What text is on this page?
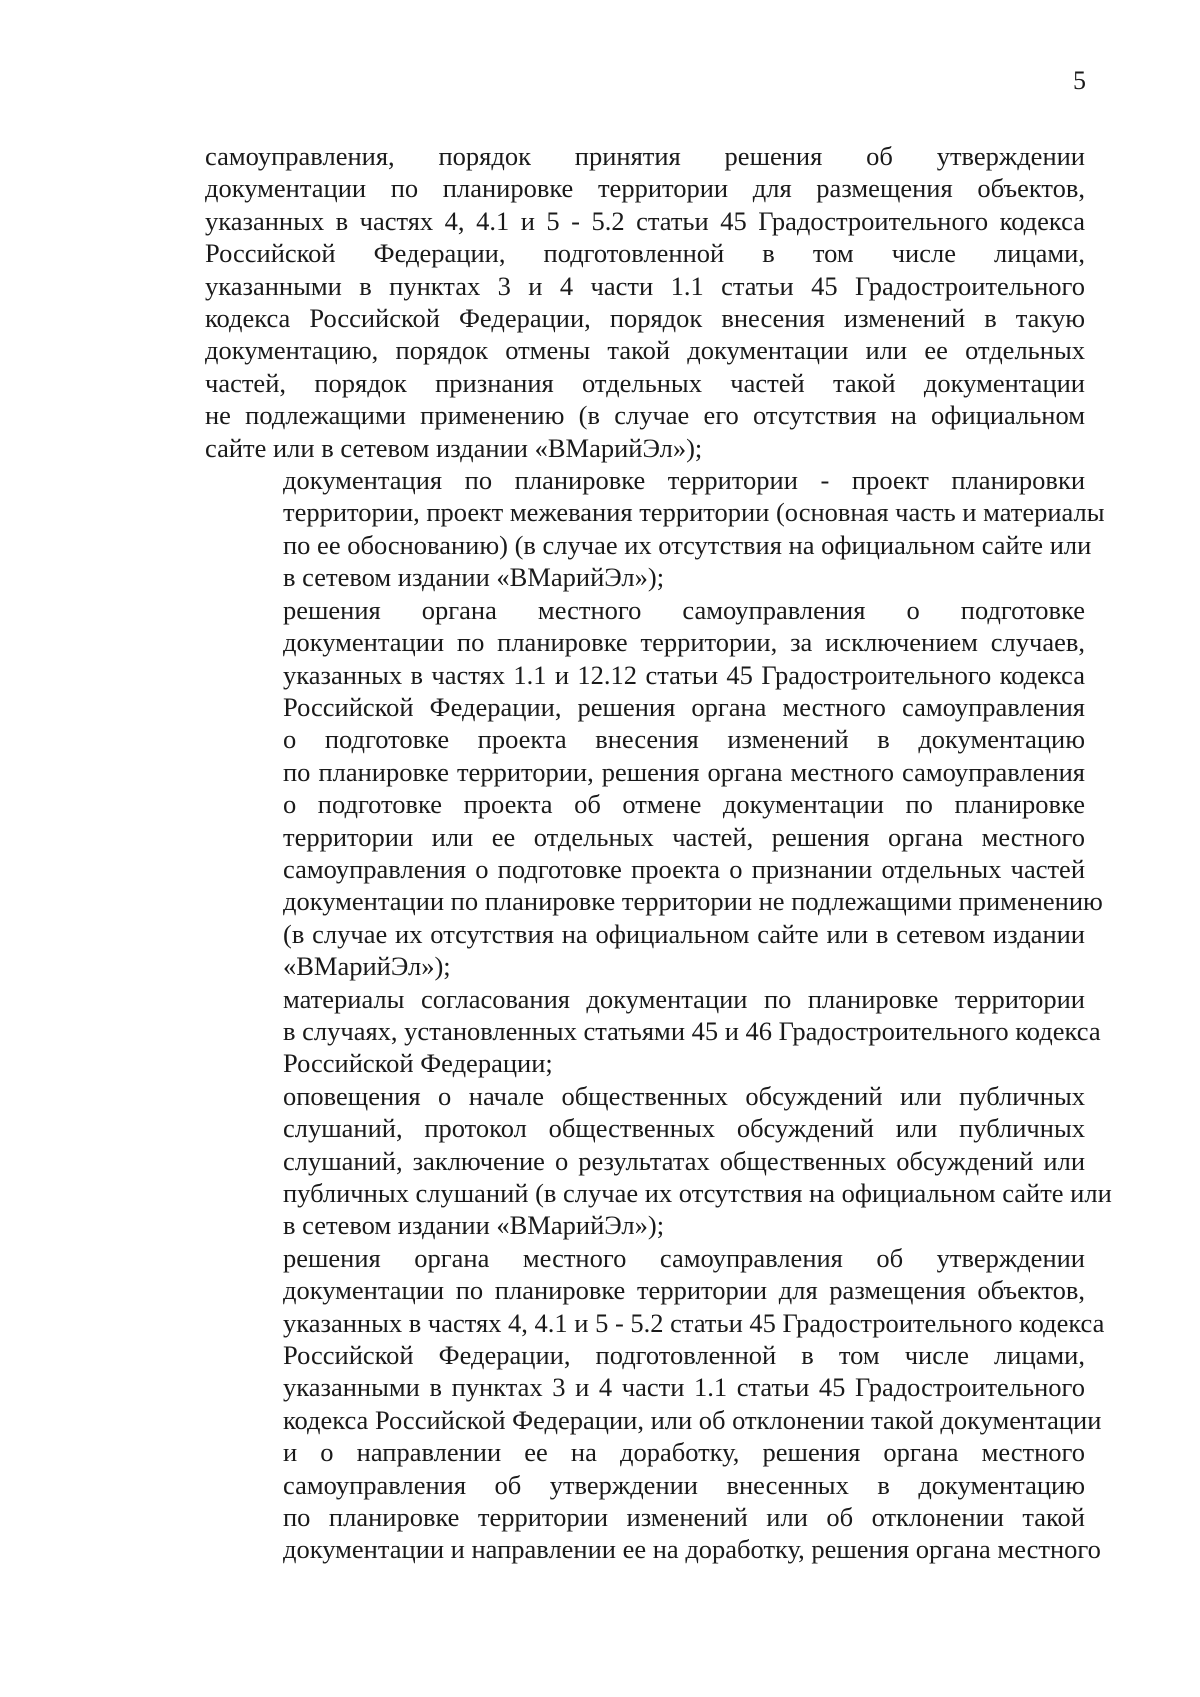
5

самоуправления, порядок принятия решения об утверждении
документации по планировке территории для размещения объектов,
указанных в частях 4, 4.1 и 5 - 5.2 статьи 45 Градостроительного кодекса
Российской Федерации, подготовленной в том числе лицами,
указанными в пунктах 3 и 4 части 1.1 статьи 45 Градостроительного
кодекса Российской Федерации, порядок внесения изменений в такую
документацию, порядок отмены такой документации или ее отдельных
частей, порядок признания отдельных частей такой документации
не подлежащими применению (в случае его отсутствия на официальном
сайте или в сетевом издании «ВМарийЭл»);

документация по планировке территории - проект планировки
территории, проект межевания территории (основная часть и материалы
по ее обоснованию) (в случае их отсутствия на официальном сайте или
в сетевом издании «ВМарийЭл»);

решения органа местного самоуправления о подготовке
документации по планировке территории, за исключением случаев,
указанных в частях 1.1 и 12.12 статьи 45 Градостроительного кодекса
Российской Федерации, решения органа местного самоуправления
о подготовке проекта внесения изменений в документацию
по планировке территории, решения органа местного самоуправления
о подготовке проекта об отмене документации по планировке
территории или ее отдельных частей, решения органа местного
самоуправления о подготовке проекта о признании отдельных частей
документации по планировке территории не подлежащими применению
(в случае их отсутствия на официальном сайте или в сетевом издании
«ВМарийЭл»);

материалы согласования документации по планировке территории
в случаях, установленных статьями 45 и 46 Градостроительного кодекса
Российской Федерации;

оповещения о начале общественных обсуждений или публичных
слушаний, протокол общественных обсуждений или публичных
слушаний, заключение о результатах общественных обсуждений или
публичных слушаний (в случае их отсутствия на официальном сайте или
в сетевом издании «ВМарийЭл»);

решения органа местного самоуправления об утверждении
документации по планировке территории для размещения объектов,
указанных в частях 4, 4.1 и 5 - 5.2 статьи 45 Градостроительного кодекса
Российской Федерации, подготовленной в том числе лицами,
указанными в пунктах 3 и 4 части 1.1 статьи 45 Градостроительного
кодекса Российской Федерации, или об отклонении такой документации
и о направлении ее на доработку, решения органа местного
самоуправления об утверждении внесенных в документацию
по планировке территории изменений или об отклонении такой
документации и направлении ее на доработку, решения органа местного
